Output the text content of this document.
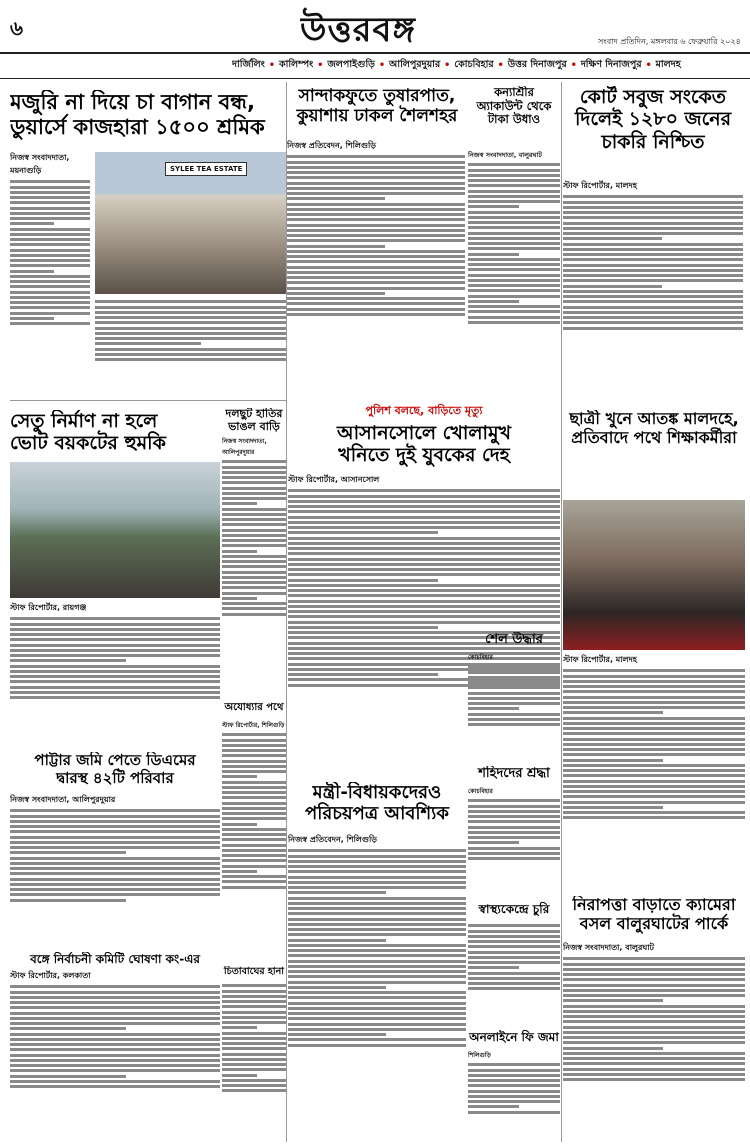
৬	উত্তরবঙ্গ	সংবাদ প্রতিদিন, মঙ্গলবার ৬ ফেব্রুয়ারি ২০২৪
দার্জিলিং • কালিম্পং • জলপাইগুড়ি • আলিপুরদুয়ার • কোচবিহার • উত্তর দিনাজপুর • দক্ষিণ দিনাজপুর • মালদহ
মজুরি না দিয়ে চা বাগান বন্ধ,
ডুয়ার্সে কাজহারা ১৫০০ শ্রমিক
নিজস্ব সংবাদদাতা, ময়নাগুড়ি	SYLEE TEA ESTATE
সান্দাকফুতে তুষারপাত,
কুয়াশায় ঢাকল শৈলশহর
নিজস্ব প্রতিবেদন, শিলিগুড়ি
কন্যাশ্রীর
অ্যাকাউন্ট থেকে
টাকা উধাও
নিজস্ব সংবাদদাতা, বালুরঘাট
কোর্ট সবুজ সংকেত
দিলেই ১২৮০ জনের
চাকরি নিশ্চিত
স্টাফ রিপোর্টার, মালদহ
সেতু নির্মাণ না হলে
ভোট বয়কটের হুমকি
স্টাফ রিপোর্টার, রায়গঞ্জ
দলছুট হাতির
ভাঙল বাড়ি
নিজস্ব সংবাদদাতা, আলিপুরদুয়ার
পুলিশ বলছে, বাড়িতে মৃত্যু
আসানসোলে খোলামুখ
খনিতে দুই যুবকের দেহ
স্টাফ রিপোর্টার, আসানসোল
ছাত্রী খুনে আতঙ্ক মালদহে,
প্রতিবাদে পথে শিক্ষাকর্মীরা
স্টাফ রিপোর্টার, মালদহ
শেল উদ্ধার
কোচবিহার
অযোধ্যার পথে
স্টাফ রিপোর্টার, শিলিগুড়ি
শহিদদের শ্রদ্ধা
কোচবিহার
মন্ত্রী-বিধায়কদেরও
পরিচয়পত্র আবশ্যিক
নিজস্ব প্রতিবেদন, শিলিগুড়ি
পাট্টার জমি পেতে ডিএমের
দ্বারস্থ ৪২টি পরিবার
নিজস্ব সংবাদদাতা, আলিপুরদুয়ার
চিতাবাঘের হানা
বঙ্গে নির্বাচনী কমিটি ঘোষণা কং-এর
স্টাফ রিপোর্টার, কলকাতা
স্বাস্থ্যকেন্দ্রে চুরি
অনলাইনে ফি জমা
শিলিগুড়ি
নিরাপত্তা বাড়াতে ক্যামেরা
বসল বালুরঘাটের পার্কে
নিজস্ব সংবাদদাতা, বালুরঘাট
